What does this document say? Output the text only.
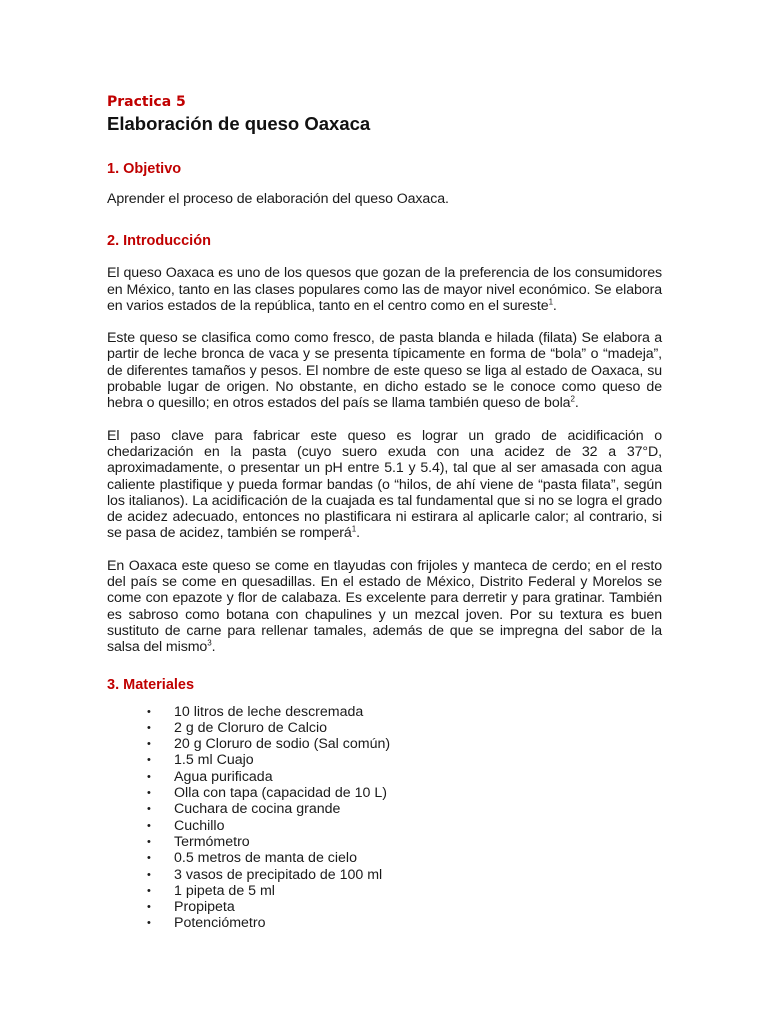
Practica 5
Elaboración de queso Oaxaca
1. Objetivo

Aprender el proceso de elaboración del queso Oaxaca.

2. Introducción

El queso Oaxaca es uno de los quesos que gozan de la preferencia de los consumidores en México, tanto en las clases populares como las de mayor nivel económico. Se elabora en varios estados de la república, tanto en el centro como en el sureste$^1$.

Este queso se clasifica como como fresco, de pasta blanda e hilada (filata) Se elabora a partir de leche bronca de vaca y se presenta típicamente en forma de “bola” o “madeja”, de diferentes tamaños y pesos. El nombre de este queso se liga al estado de Oaxaca, su probable lugar de origen. No obstante, en dicho estado se le conoce como queso de hebra o quesillo; en otros estados del país se llama también queso de bola$^2$.

El paso clave para fabricar este queso es lograr un grado de acidificación o chedarización en la pasta (cuyo suero exuda con una acidez de 32 a 37°D, aproximadamente, o presentar un pH entre 5.1 y 5.4), tal que al ser amasada con agua caliente plastifique y pueda formar bandas (o “hilos, de ahí viene de “pasta filata”, según los italianos). La acidificación de la cuajada es tal fundamental que si no se logra el grado de acidez adecuado, entonces no plastificara ni estirara al aplicarle calor; al contrario, si se pasa de acidez, también se romperá$^1$.

En Oaxaca este queso se come en tlayudas con frijoles y manteca de cerdo; en el resto del país se come en quesadillas. En el estado de México, Distrito Federal y Morelos se come con epazote y flor de calabaza. Es excelente para derretir y para gratinar. También es sabroso como botana con chapulines y un mezcal joven. Por su textura es buen sustituto de carne para rellenar tamales, además de que se impregna del sabor de la salsa del mismo$^3$.

3. Materiales
• 10 litros de leche descremada
• 2 g de Cloruro de Calcio
• 20 g Cloruro de sodio (Sal común)
• 1.5 ml Cuajo
• Agua purificada
• Olla con tapa (capacidad de 10 L)
• Cuchara de cocina grande
• Cuchillo
• Termómetro
• 0.5 metros de manta de cielo
• 3 vasos de precipitado de 100 ml
• 1 pipeta de 5 ml
• Propipeta
• Potenciómetro
